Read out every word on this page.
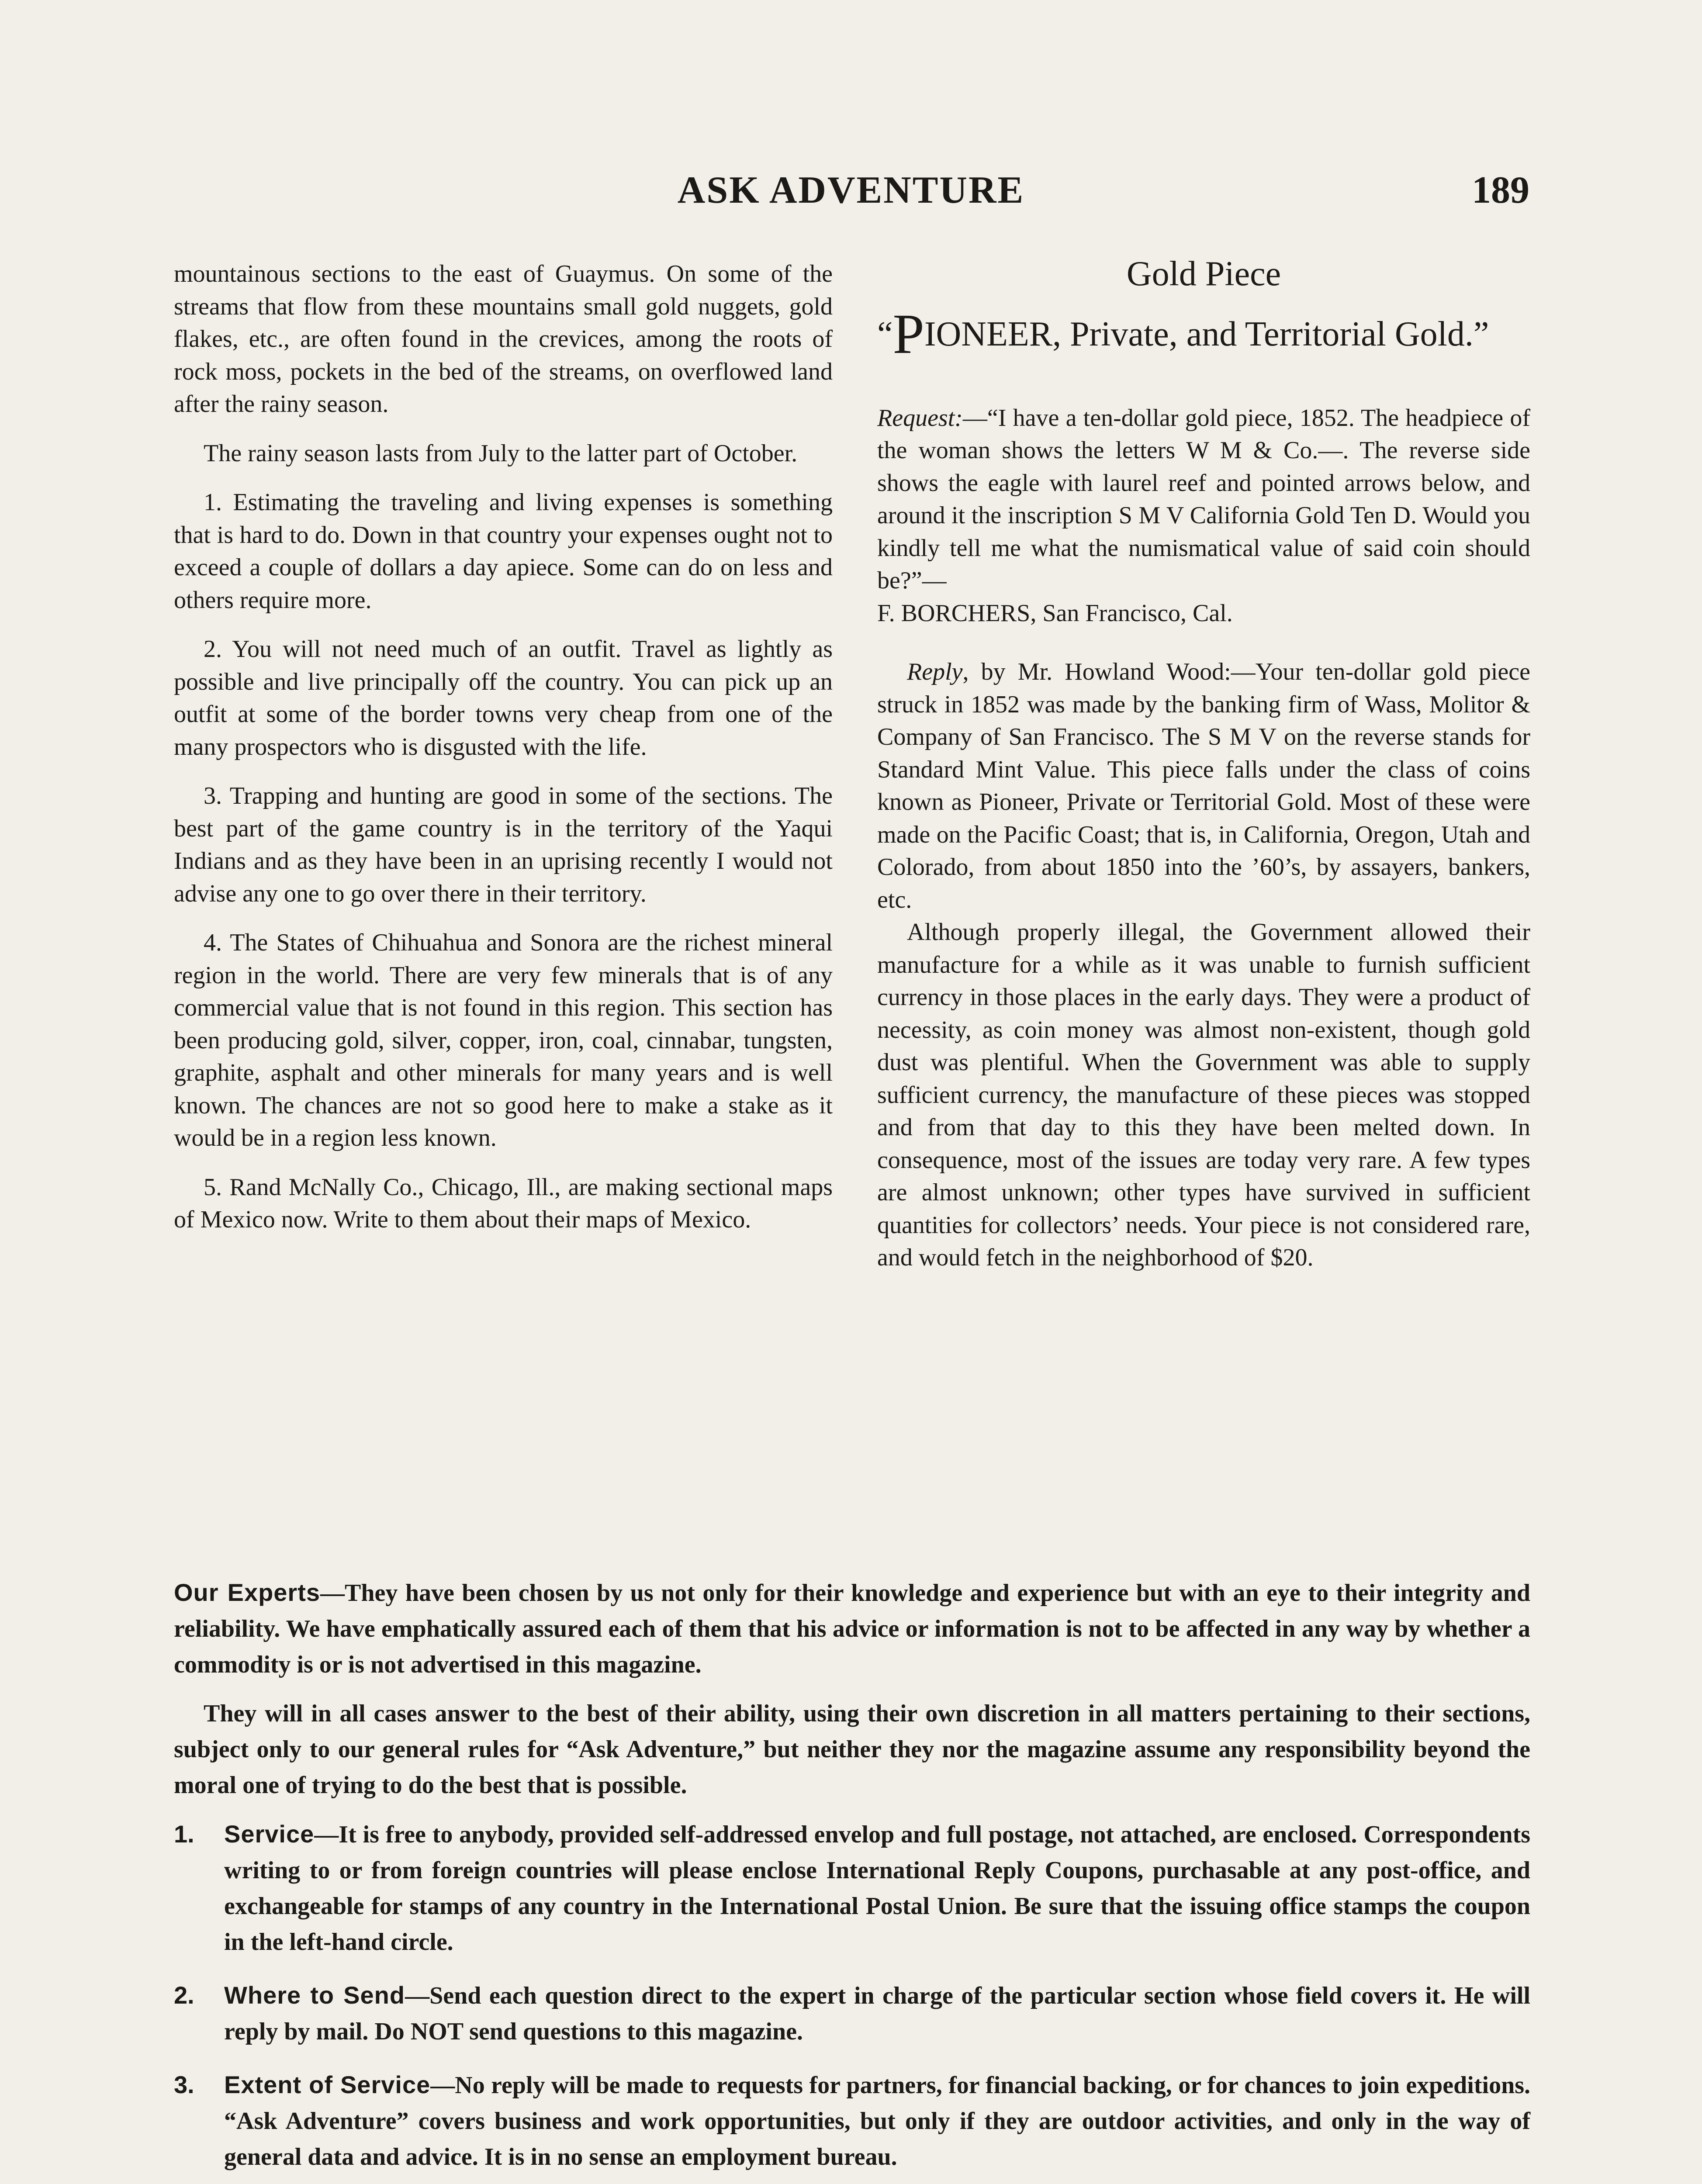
ASK ADVENTURE	189

mountainous sections to the east of Guaymus. On some of the streams that flow from these mountains small gold nuggets, gold flakes, etc., are often found in the crevices, among the roots of rock moss, pockets in the bed of the streams, on overflowed land after the rainy season.

The rainy season lasts from July to the latter part of October.

1. Estimating the traveling and living expenses is something that is hard to do. Down in that country your expenses ought not to exceed a couple of dollars a day apiece. Some can do on less and others require more.

2. You will not need much of an outfit. Travel as lightly as possible and live principally off the country. You can pick up an outfit at some of the border towns very cheap from one of the many prospectors who is disgusted with the life.

3. Trapping and hunting are good in some of the sections. The best part of the game country is in the territory of the Yaqui Indians and as they have been in an uprising recently I would not advise any one to go over there in their territory.

4. The States of Chihuahua and Sonora are the richest mineral region in the world. There are very few minerals that is of any commercial value that is not found in this region. This section has been producing gold, silver, copper, iron, coal, cinnabar, tungsten, graphite, asphalt and other minerals for many years and is well known. The chances are not so good here to make a stake as it would be in a region less known.

5. Rand McNally Co., Chicago, Ill., are making sectional maps of Mexico now. Write to them about their maps of Mexico.

Gold Piece
“PIONEER, Private, and Territorial Gold.”

Request:—“I have a ten-dollar gold piece, 1852. The headpiece of the woman shows the letters W M & Co.—. The reverse side shows the eagle with laurel reef and pointed arrows below, and around it the inscription S M V California Gold Ten D. Would you kindly tell me what the numismatical value of said coin should be?”—
F. BORCHERS, San Francisco, Cal.

Reply, by Mr. Howland Wood:—Your ten-dollar gold piece struck in 1852 was made by the banking firm of Wass, Molitor & Company of San Francisco. The S M V on the reverse stands for Standard Mint Value. This piece falls under the class of coins known as Pioneer, Private or Territorial Gold. Most of these were made on the Pacific Coast; that is, in California, Oregon, Utah and Colorado, from about 1850 into the ’60’s, by assayers, bankers, etc.

Although properly illegal, the Government allowed their manufacture for a while as it was unable to furnish sufficient currency in those places in the early days. They were a product of necessity, as coin money was almost non-existent, though gold dust was plentiful. When the Government was able to supply sufficient currency, the manufacture of these pieces was stopped and from that day to this they have been melted down. In consequence, most of the issues are today very rare. A few types are almost unknown; other types have survived in sufficient quantities for collectors’ needs. Your piece is not considered rare, and would fetch in the neighborhood of $20.

Our Experts—They have been chosen by us not only for their knowledge and experience but with an eye to their integrity and reliability. We have emphatically assured each of them that his advice or information is not to be affected in any way by whether a commodity is or is not advertised in this magazine.

They will in all cases answer to the best of their ability, using their own discretion in all matters pertaining to their sections, subject only to our general rules for “Ask Adventure,” but neither they nor the magazine assume any responsibility beyond the moral one of trying to do the best that is possible.

1. Service—It is free to anybody, provided self-addressed envelop and full postage, not attached, are enclosed. Correspondents writing to or from foreign countries will please enclose International Reply Coupons, purchasable at any post-office, and exchangeable for stamps of any country in the International Postal Union. Be sure that the issuing office stamps the coupon in the left-hand circle.
2. Where to Send—Send each question direct to the expert in charge of the particular section whose field covers it. He will reply by mail. Do NOT send questions to this magazine.
3. Extent of Service—No reply will be made to requests for partners, for financial backing, or for chances to join expeditions. “Ask Adventure” covers business and work opportunities, but only if they are outdoor activities, and only in the way of general data and advice. It is in no sense an employment bureau.
